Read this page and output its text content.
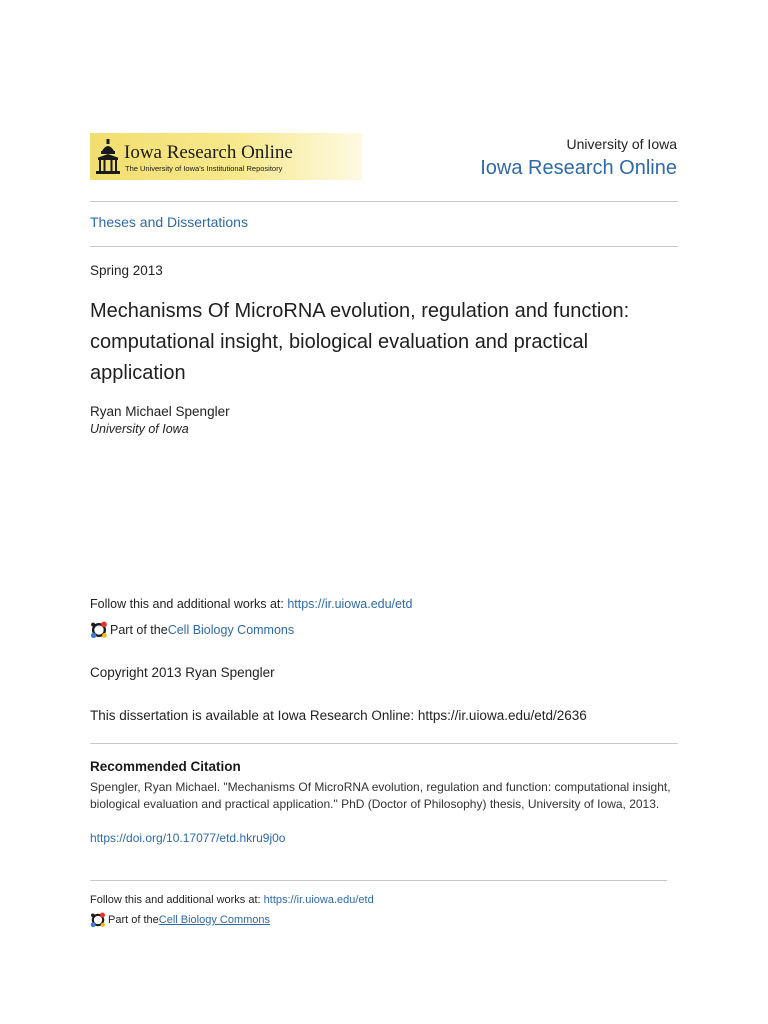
Iowa Research Online
The University of Iowa's Institutional Repository
University of Iowa
Iowa Research Online
Theses and Dissertations
Spring 2013
Mechanisms Of MicroRNA evolution, regulation and function: computational insight, biological evaluation and practical application
Ryan Michael Spengler
University of Iowa
Follow this and additional works at: https://ir.uiowa.edu/etd
Part of the Cell Biology Commons
Copyright 2013 Ryan Spengler
This dissertation is available at Iowa Research Online: https://ir.uiowa.edu/etd/2636
Recommended Citation
Spengler, Ryan Michael. "Mechanisms Of MicroRNA evolution, regulation and function: computational insight, biological evaluation and practical application." PhD (Doctor of Philosophy) thesis, University of Iowa, 2013.
https://doi.org/10.17077/etd.hkru9j0o
Follow this and additional works at: https://ir.uiowa.edu/etd
Part of the Cell Biology Commons
